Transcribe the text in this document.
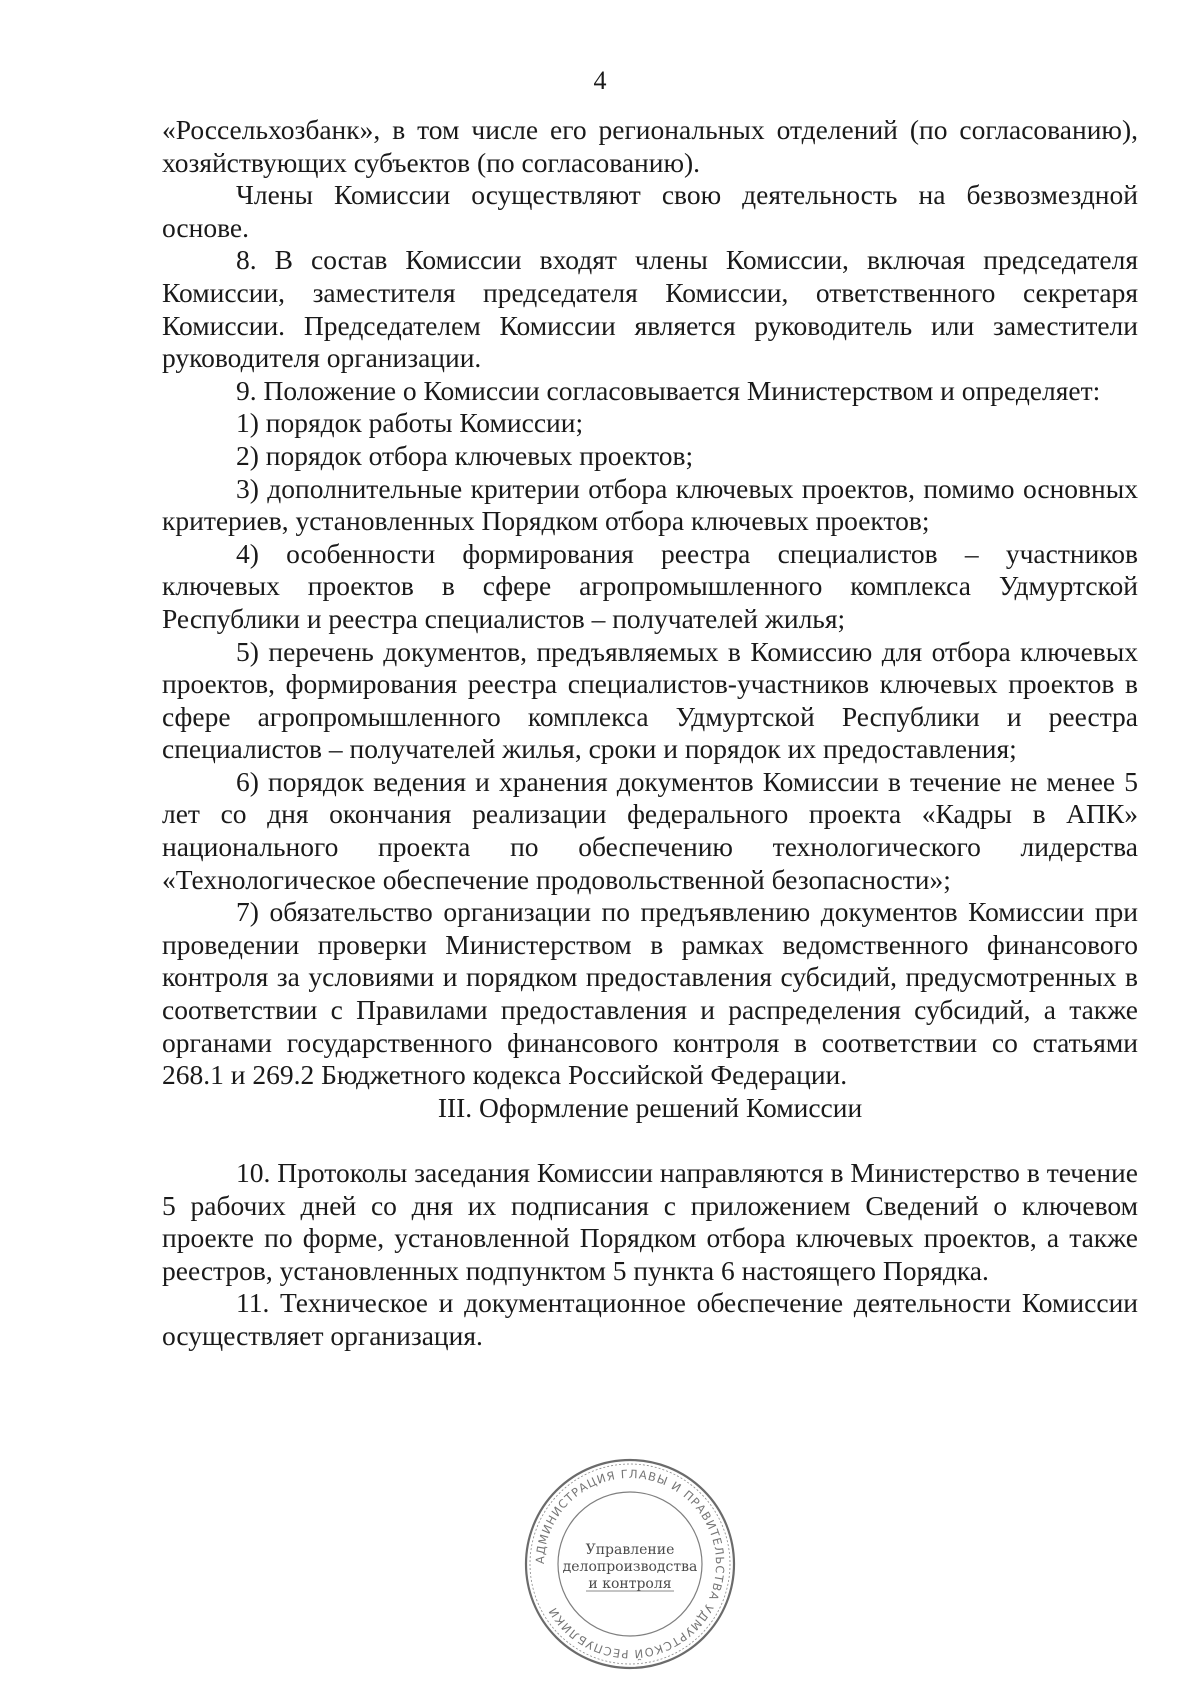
4

«Россельхозбанк», в том числе его региональных отделений (по согласованию), хозяйствующих субъектов (по согласованию).

Члены Комиссии осуществляют свою деятельность на безвозмездной основе.

8. В состав Комиссии входят члены Комиссии, включая председателя Комиссии, заместителя председателя Комиссии, ответственного секретаря Комиссии. Председателем Комиссии является руководитель или заместители руководителя организации.

9. Положение о Комиссии согласовывается Министерством и определяет:

1) порядок работы Комиссии;

2) порядок отбора ключевых проектов;

3) дополнительные критерии отбора ключевых проектов, помимо основных критериев, установленных Порядком отбора ключевых проектов;

4) особенности формирования реестра специалистов – участников ключевых проектов в сфере агропромышленного комплекса Удмуртской Республики и реестра специалистов – получателей жилья;

5) перечень документов, предъявляемых в Комиссию для отбора ключевых проектов, формирования реестра специалистов-участников ключевых проектов в сфере агропромышленного комплекса Удмуртской Республики и реестра специалистов – получателей жилья, сроки и порядок их предоставления;

6) порядок ведения и хранения документов Комиссии в течение не менее 5 лет со дня окончания реализации федерального проекта «Кадры в АПК» национального проекта по обеспечению технологического лидерства «Технологическое обеспечение продовольственной безопасности»;

7) обязательство организации по предъявлению документов Комиссии при проведении проверки Министерством в рамках ведомственного финансового контроля за условиями и порядком предоставления субсидий, предусмотренных в соответствии с Правилами предоставления и распределения субсидий, а также органами государственного финансового контроля в соответствии со статьями 268.1 и 269.2 Бюджетного кодекса Российской Федерации.

III. Оформление решений Комиссии

10. Протоколы заседания Комиссии направляются в Министерство в течение 5 рабочих дней со дня их подписания с приложением Сведений о ключевом проекте по форме, установленной Порядком отбора ключевых проектов, а также реестров, установленных подпунктом 5 пункта 6 настоящего Порядка.

11. Техническое и документационное обеспечение деятельности Комиссии осуществляет организация.

АДМИНИСТРАЦИЯ ГЛАВЫ И ПРАВИТЕЛЬСТВА УДМУРТСКОЙ РЕСПУБЛИКИ
Управление
делопроизводства
и контроля
